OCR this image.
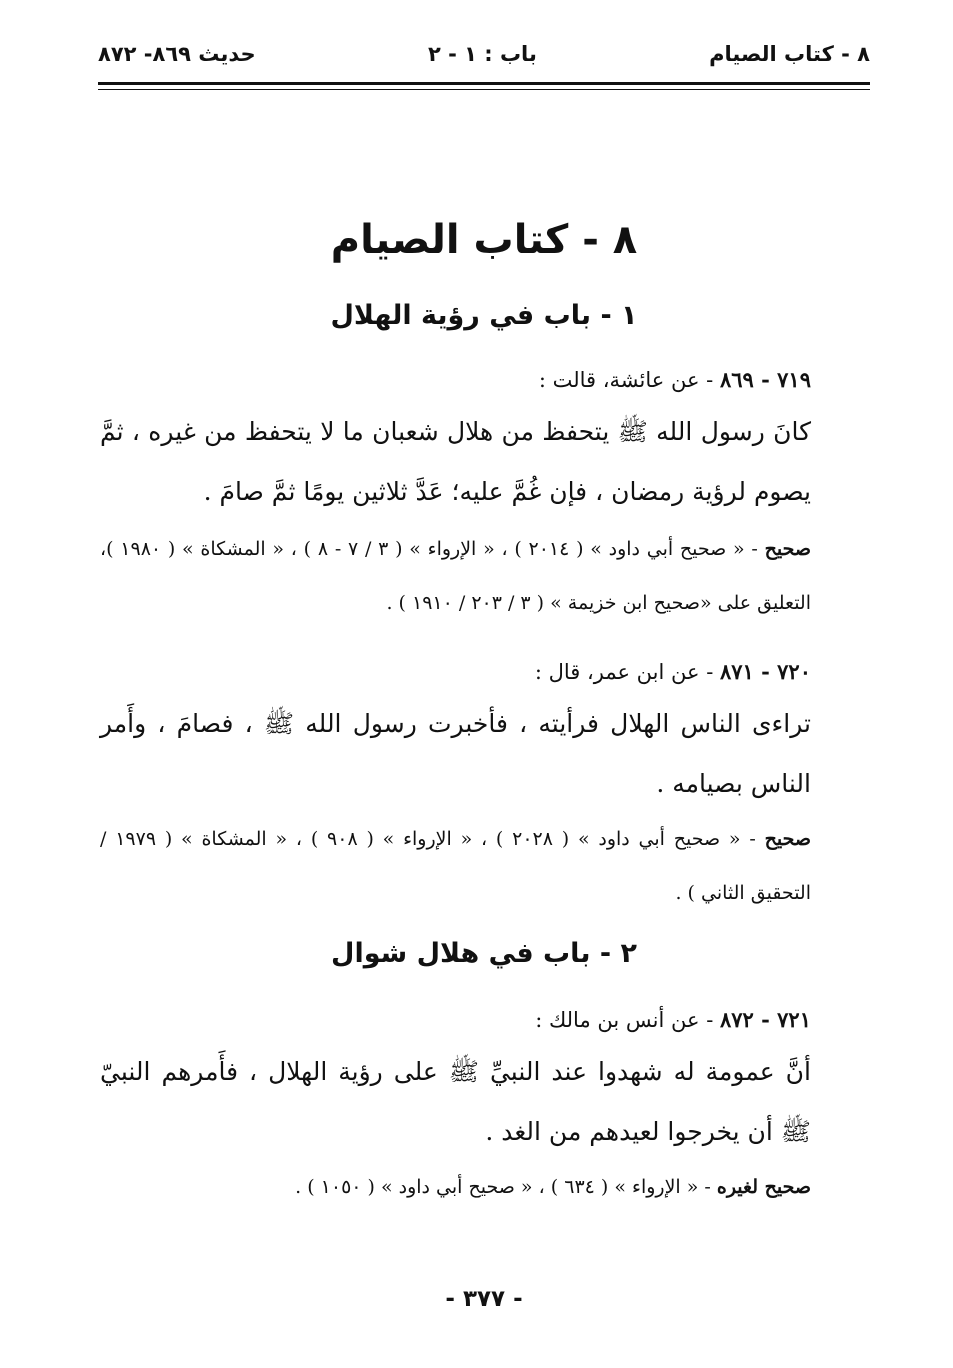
٨ - كتاب الصيام
باب : ١ - ٢
حديث ٨٦٩- ٨٧٢
٨ - كتاب الصيام
١ - باب في رؤية الهلال
٧١٩ - ٨٦٩ - عن عائشة، قالت :

كانَ رسول الله ﷺ يتحفظ من هلال شعبان ما لا يتحفظ من غيره ، ثمَّ يصوم لرؤية رمضان ، فإن غُمَّ عليه؛ عَدَّ ثلاثين يومًا ثمَّ صامَ .

صحيح - « صحيح أبي داود » ( ٢٠١٤ ) ، « الإرواء » ( ٣ / ٧ - ٨ ) ، « المشكاة » ( ١٩٨٠ )، التعليق على «صحيح ابن خزيمة » ( ٣ / ٢٠٣ / ١٩١٠ ) .
٧٢٠ - ٨٧١ - عن ابن عمر، قال :

تراءى الناس الهلال فرأيته ، فأخبرت رسول الله ﷺ ، فصامَ ، وأَمر الناس بصيامه .

صحيح - « صحيح أبي داود » ( ٢٠٢٨ ) ، « الإرواء » ( ٩٠٨ ) ، « المشكاة » ( ١٩٧٩ / التحقيق الثاني ) .
٢ - باب في هلال شوال
٧٢١ - ٨٧٢ - عن أنس بن مالك :

أنَّ عمومة له شهدوا عند النبيِّ ﷺ على رؤية الهلال ، فأَمرهم النبيّ ﷺ أن يخرجوا لعيدهم من الغد .

صحيح لغيره - « الإرواء » ( ٦٣٤ ) ، « صحيح أبي داود » ( ١٠٥٠ ) .
- ٣٧٧ -
